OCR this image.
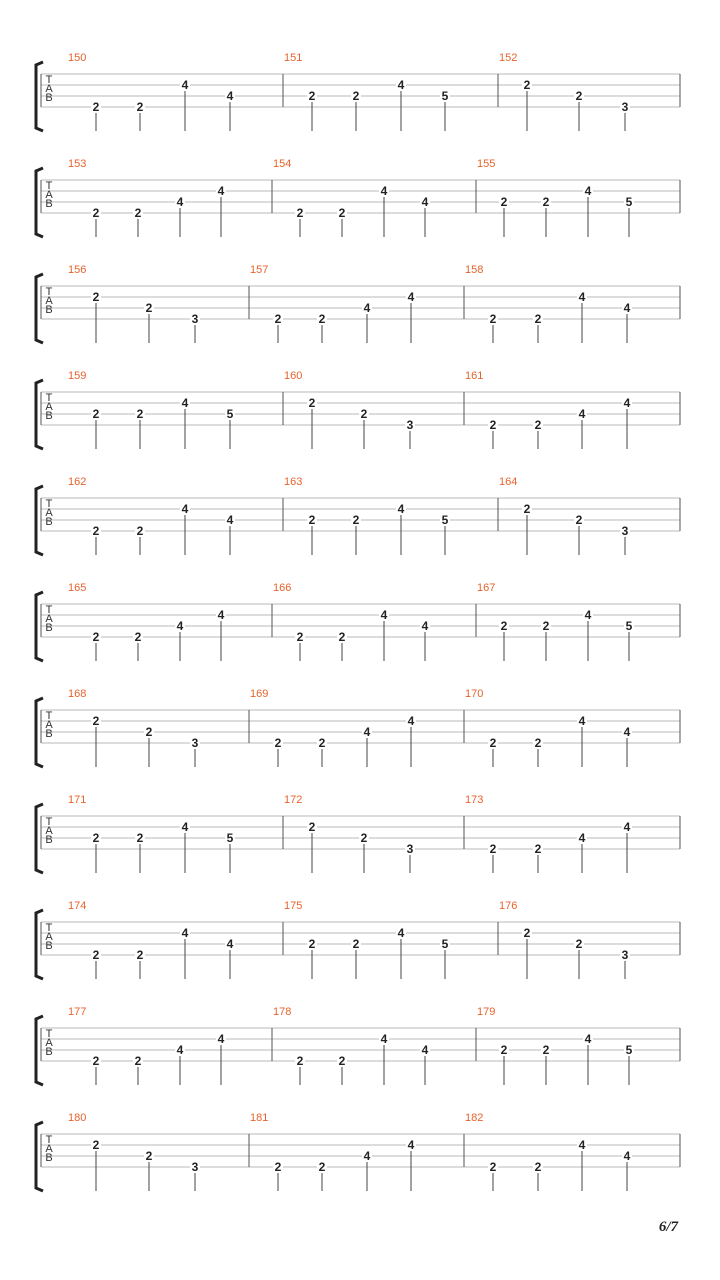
T
A
B
150
2	2
4
4
151
2	2
4
5
152
2
2
3
T
A
B
153
2	2
4
4
154
2	2
4
4
155
2	2
4
5
T
A
B
156
2
2
3
157
2	2
4
4
158
2	2
4
4
T
A
B
159
2	2
4
5
160
2
2
3
161
2	2
4
4
T
A
B
162
2	2
4
4
163
2	2
4
5
164
2
2
3
T
A
B
165
2	2
4
4
166
2	2
4
4
167
2	2
4
5
T
A
B
168
2
2
3
169
2	2
4
4
170
2	2
4
4
T
A
B
171
2	2
4
5
172
2
2
3
173
2	2
4
4
T
A
B
174
2	2
4
4
175
2	2
4
5
176
2
2
3
T
A
B
177
2	2
4
4
178
2	2
4
4
179
2	2
4
5
T
A
B
180
2
2
3
181
2	2
4
4
182
2	2
4
4
6/7
